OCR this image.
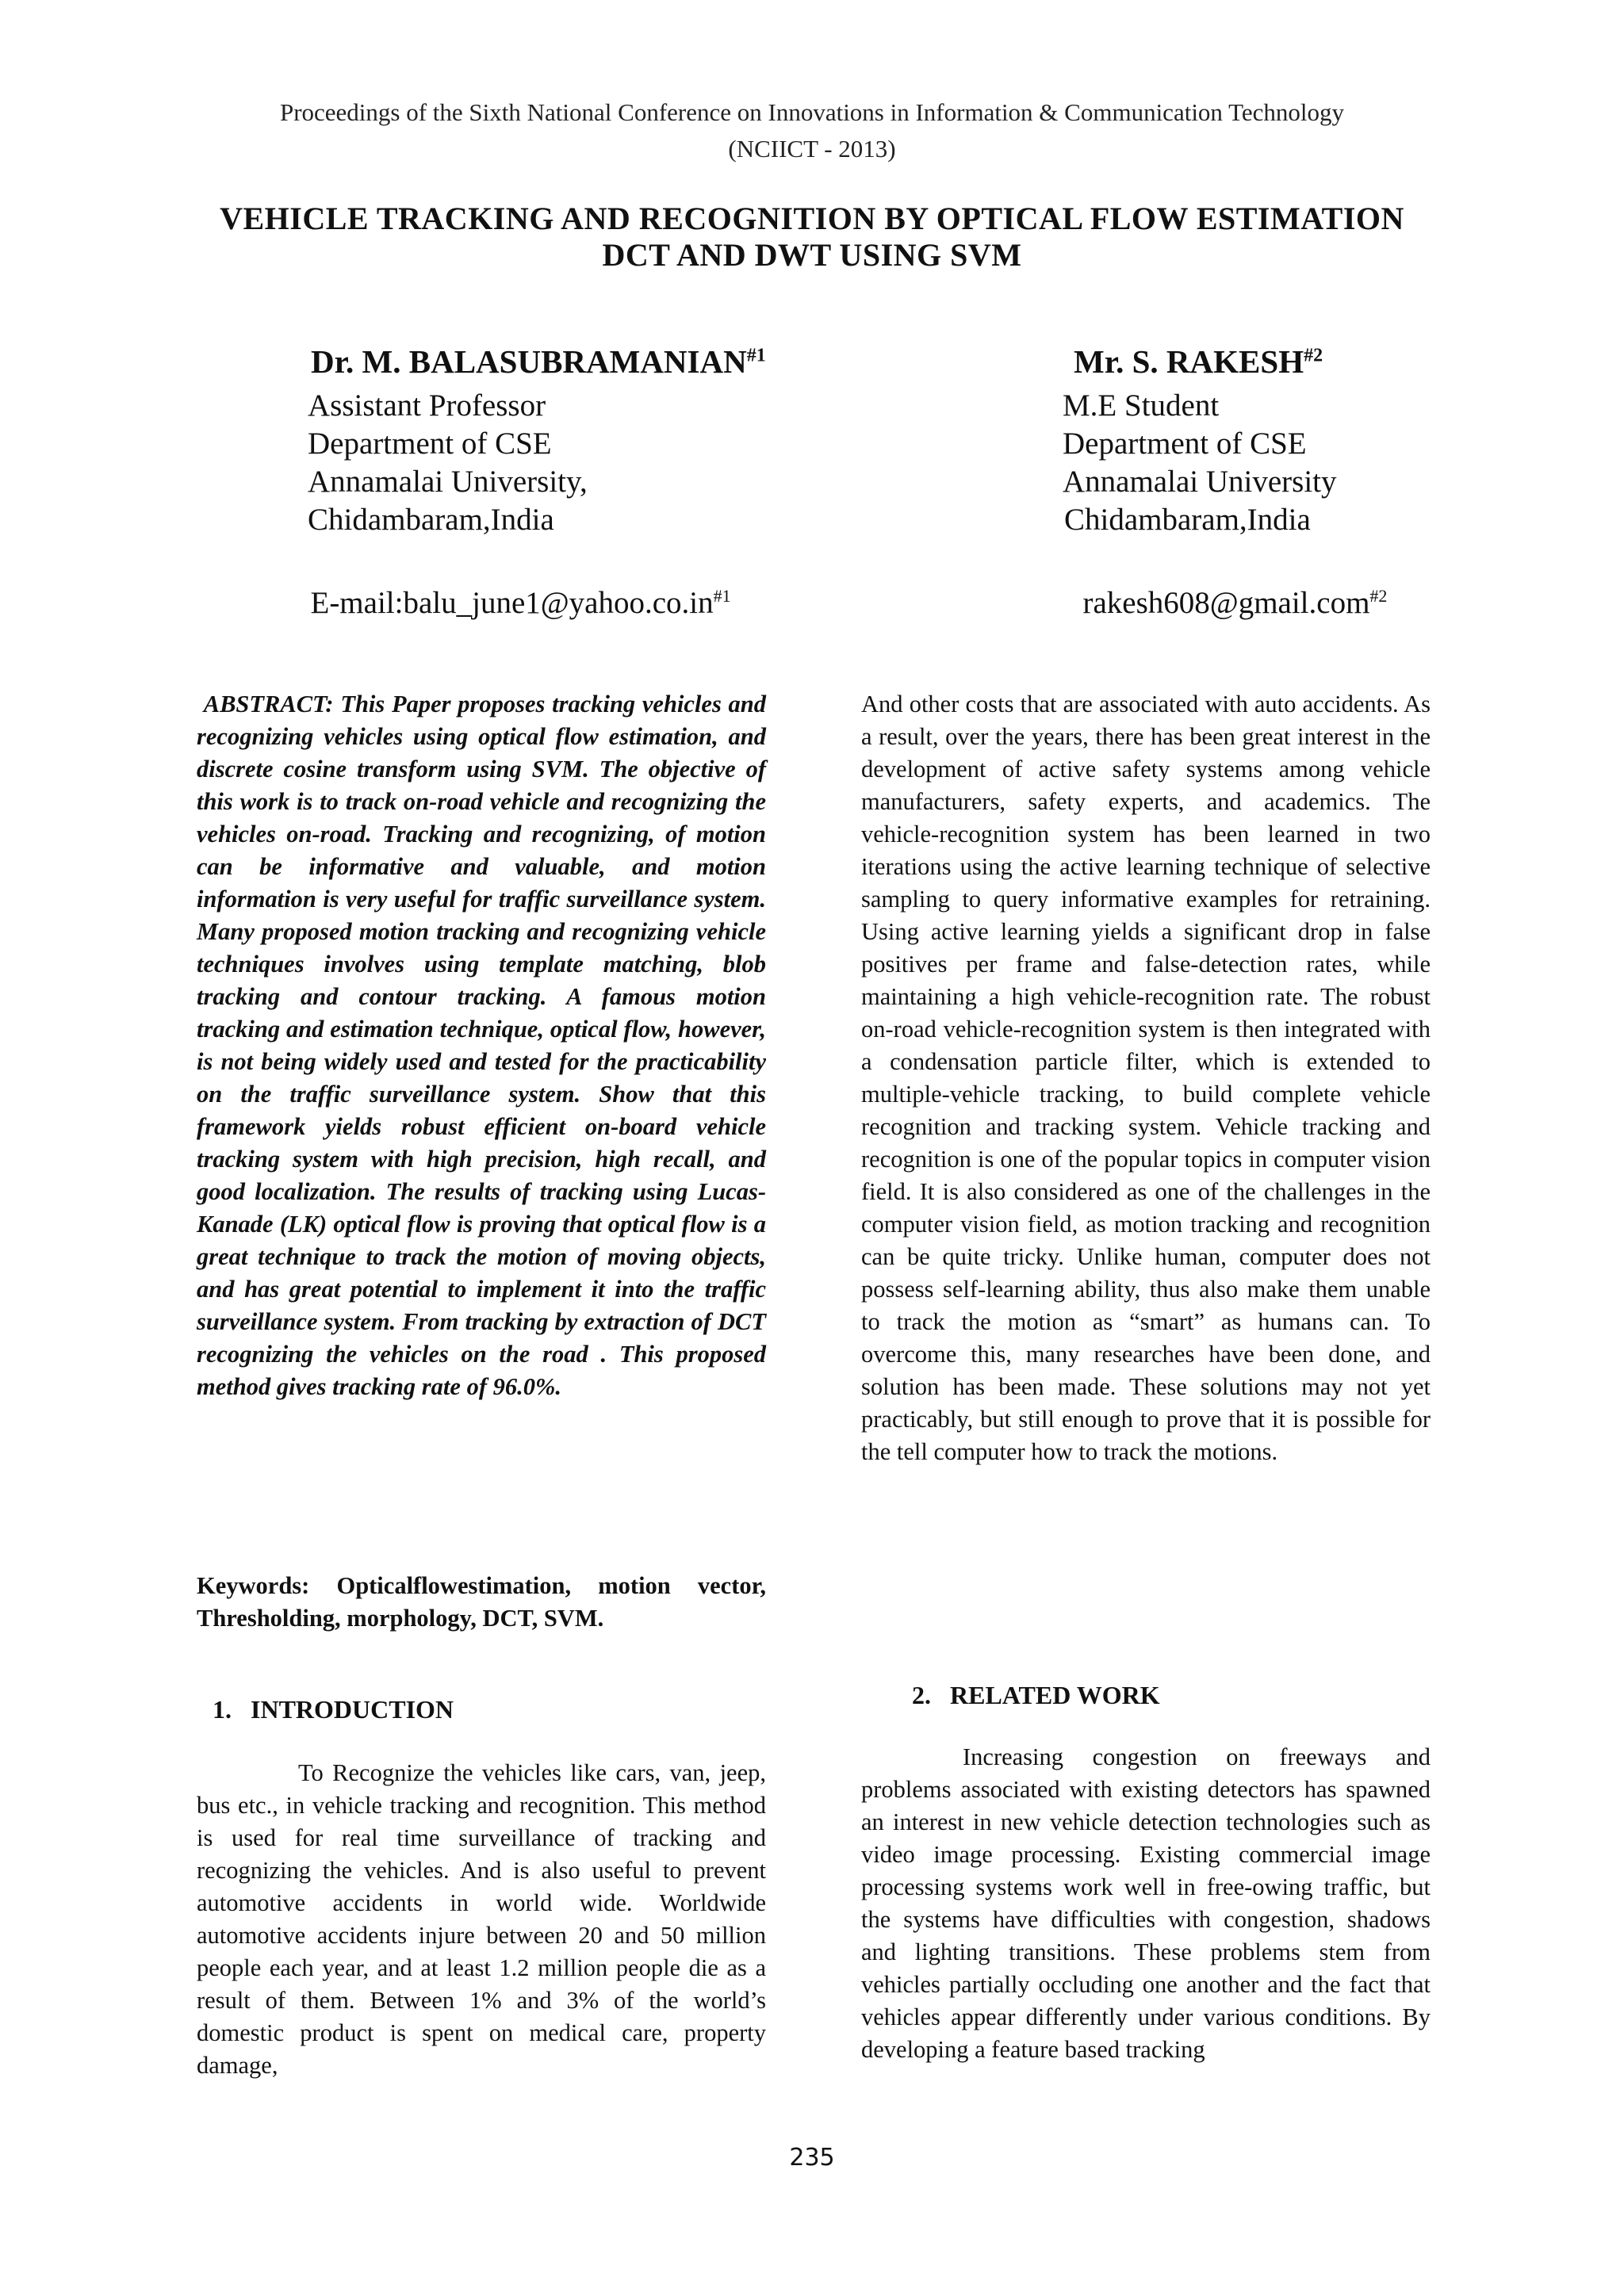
Proceedings of the Sixth National Conference on Innovations in Information & Communication Technology
(NCIICT - 2013)
VEHICLE TRACKING AND RECOGNITION BY OPTICAL FLOW ESTIMATION
DCT AND DWT USING SVM
Dr. M. BALASUBRAMANIAN$^{\#1}$
Assistant Professor
Department of CSE
Annamalai University,
Chidambaram,India

$E-mail:balu\_june1@yahoo.co.in^{\#1}$

Mr. S. RAKESH$^{\#2}$
M.E Student
Department of CSE
Annamalai University
Chidambaram,India

rakesh608@gmail.com$^{\#2}$

ABSTRACT: This Paper proposes tracking vehicles and recognizing vehicles using optical flow estimation, and discrete cosine transform using SVM. The objective of this work is to track on-road vehicle and recognizing the vehicles on-road. Tracking and recognizing, of motion can be informative and valuable, and motion information is very useful for traffic surveillance system. Many proposed motion tracking and recognizing vehicle techniques involves using template matching, blob tracking and contour tracking. A famous motion tracking and estimation technique, optical flow, however, is not being widely used and tested for the practicability on the traffic surveillance system. Show that this framework yields robust efficient on-board vehicle tracking system with high precision, high recall, and good localization. The results of tracking using Lucas-Kanade (LK) optical flow is proving that optical flow is a great technique to track the motion of moving objects, and has great potential to implement it into the traffic surveillance system. From tracking by extraction of DCT recognizing the vehicles on the road . This proposed method gives tracking rate of 96.0%.

Keywords: Opticalflowestimation, motion vector, Thresholding, morphology, DCT, SVM.

1.   INTRODUCTION

To Recognize the vehicles like cars, van, jeep, bus etc., in vehicle tracking and recognition. This method is used for real time surveillance of tracking and recognizing the vehicles. And is also useful to prevent automotive accidents in world wide. Worldwide automotive accidents injure between 20 and 50 million people each year, and at least 1.2 million people die as a result of them. Between 1% and 3% of the world’s domestic product is spent on medical care, property damage,

And other costs that are associated with auto accidents. As a result, over the years, there has been great interest in the development of active safety systems among vehicle manufacturers, safety experts, and academics. The vehicle-recognition system has been learned in two iterations using the active learning technique of selective sampling to query informative examples for retraining. Using active learning yields a significant drop in false positives per frame and false-detection rates, while maintaining a high vehicle-recognition rate. The robust on-road vehicle-recognition system is then integrated with a condensation particle filter, which is extended to multiple-vehicle tracking, to build complete vehicle recognition and tracking system. Vehicle tracking and recognition is one of the popular topics in computer vision field. It is also considered as one of the challenges in the computer vision field, as motion tracking and recognition can be quite tricky. Unlike human, computer does not possess self-learning ability, thus also make them unable to track the motion as “smart” as humans can. To overcome this, many researches have been done, and solution has been made. These solutions may not yet practicably, but still enough to prove that it is possible for the tell computer how to track the motions.

2.   RELATED WORK

Increasing congestion on freeways and problems associated with existing detectors has spawned an interest in new vehicle detection technologies such as video image processing. Existing commercial image processing systems work well in free-owing traffic, but the systems have difficulties with congestion, shadows and lighting transitions. These problems stem from vehicles partially occluding one another and the fact that vehicles appear differently under various conditions. By developing a feature based tracking

235
